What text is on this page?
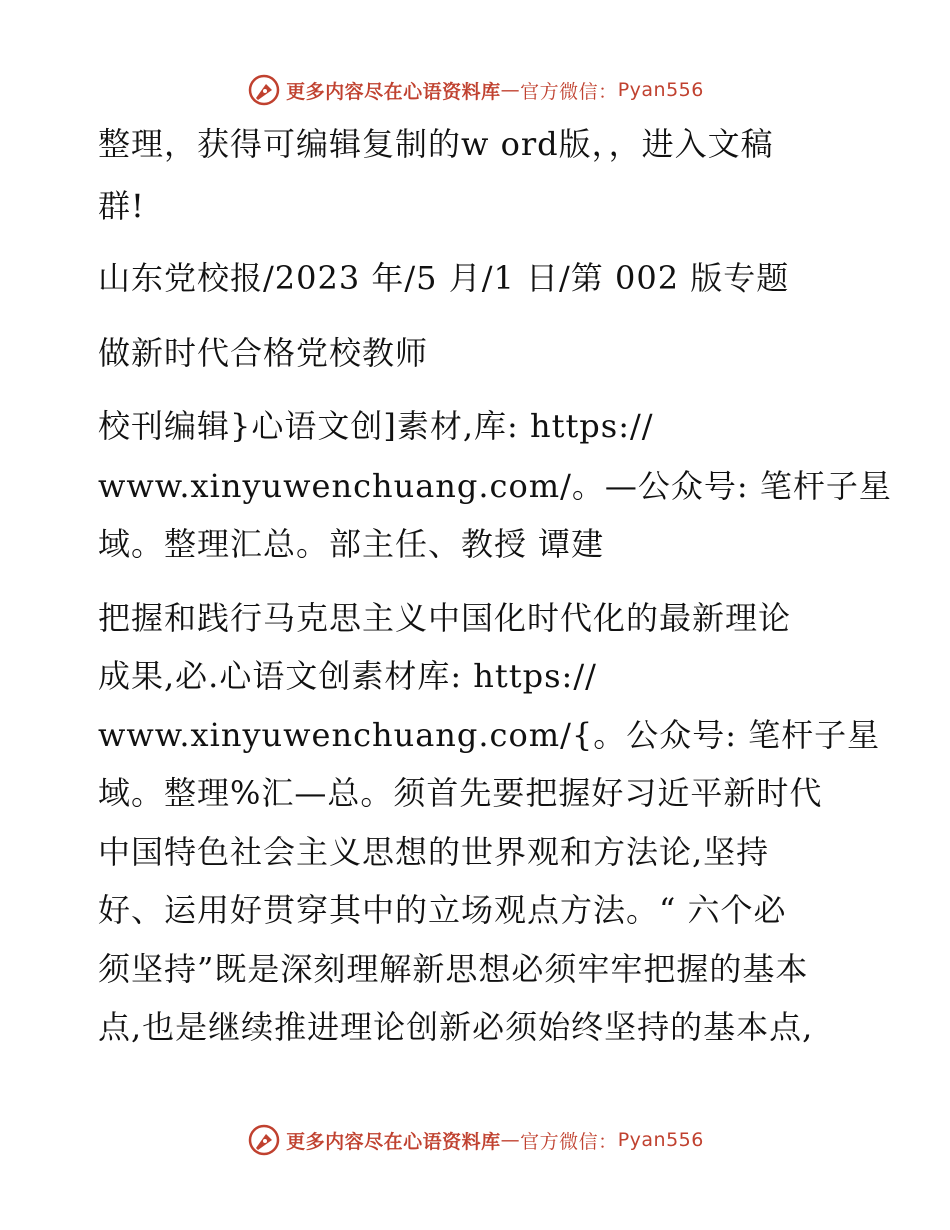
更多内容尽在心语资料库 — 官方微信： Pyan556
整理，获得可编辑复制的w ord版，，进入文稿
群!
山东党校报/2023 年/5 月/1 日/第 002 版专题
做新时代合格党校教师
校刊编辑}心语文创]素材,库: https://
www.xinyuwenchuang.com/。—公众号: 笔杆子星
域。整理汇总。部主任、教授 谭建
把握和践行马克思主义中国化时代化的最新理论
成果,必.心语文创素材库: https://
www.xinyuwenchuang.com/{。公众号: 笔杆子星
域。整理%汇—总。须首先要把握好习近平新时代
中国特色社会主义思想的世界观和方法论,坚持
好、运用好贯穿其中的立场观点方法。“ 六个必
须坚持”既是深刻理解新思想必须牢牢把握的基本
点,也是继续推进理论创新必须始终坚持的基本点,
更多内容尽在心语资料库 — 官方微信： Pyan556
